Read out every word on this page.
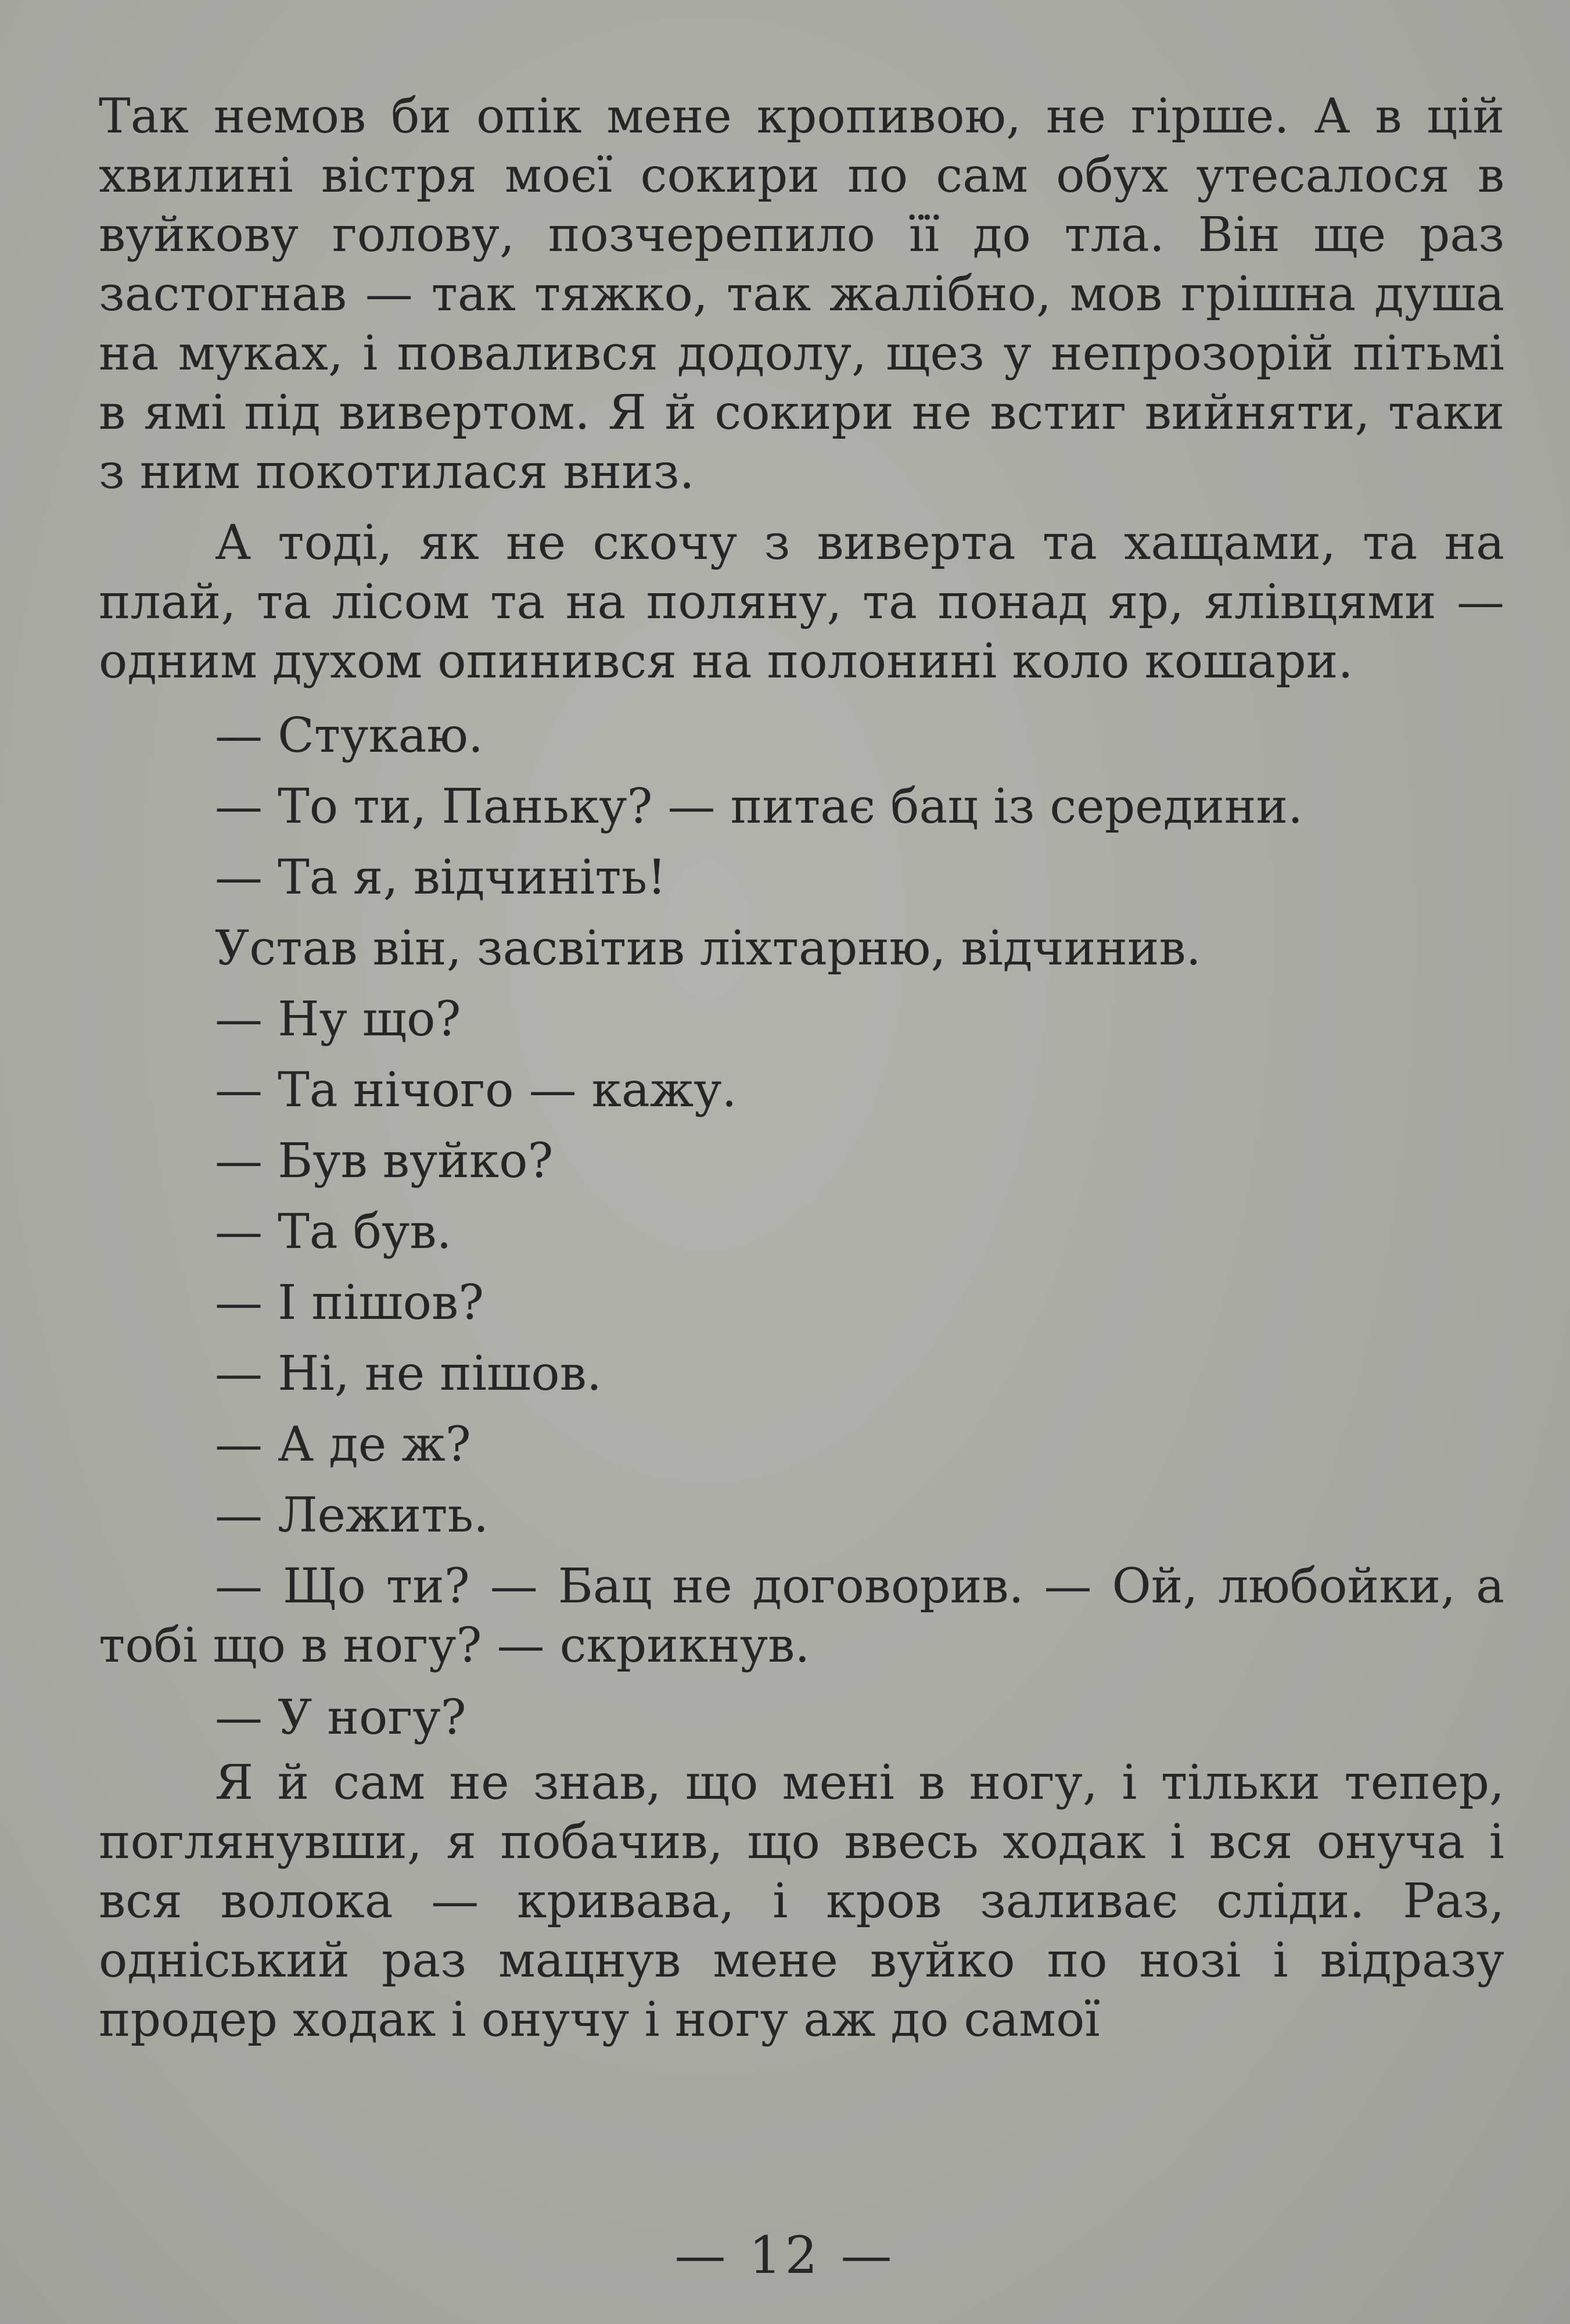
Так немов би опік мене кропивою, не гірше. А в цій хвилині вістря моєї сокири по сам обух утесалося в вуйкову голову, позчерепило її до тла. Він ще раз застогнав — так тяжко, так жалібно, мов грішна душа на муках, і повалився додолу, щез у непрозорій пітьмі в ямі під вивертом. Я й сокири не встиг вийняти, таки з ним покотилася вниз.

А тоді, як не скочу з виверта та хащами, та на плай, та лісом та на поляну, та понад яр, ялівцями — одним духом опинився на полонині коло кошари.

— Стукаю.

— То ти, Паньку? — питає бац із середини.

— Та я, відчиніть!

Устав він, засвітив ліхтарню, відчинив.

— Ну що?

— Та нічого — кажу.

— Був вуйко?

— Та був.

— І пішов?

— Ні, не пішов.

— А де ж?

— Лежить.

— Що ти? — Бац не договорив. — Ой, любойки, а тобі що в ногу? — скрикнув.

— У ногу?

Я й сам не знав, що мені в ногу, і тільки тепер, поглянувши, я побачив, що ввесь ходак і вся онуча і вся волока — кривава, і кров заливає сліди. Раз, одніський раз мацнув мене вуйко по нозі і відразу продер ходак і онучу і ногу аж до самої

— 12 —
